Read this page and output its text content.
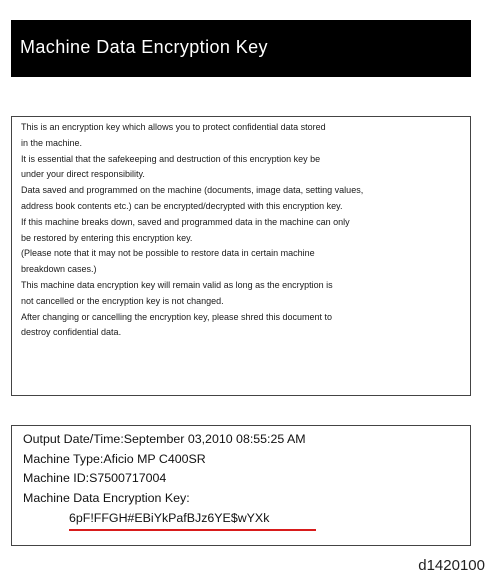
Machine Data Encryption Key
This is an encryption key which allows you to protect confidential data stored
in the machine.
It is essential that the safekeeping and destruction of this encryption key be
under your direct responsibility.
Data saved and programmed on the machine (documents, image data, setting values,
address book contents etc.) can be encrypted/decrypted with this encryption key.
If this machine breaks down, saved and programmed data in the machine can only
be restored by entering this encryption key.
(Please note that it may not be possible to restore data in certain machine
breakdown cases.)
This machine data encryption key will remain valid as long as the encryption is
not cancelled or the encryption key is not changed.
After changing or cancelling the encryption key, please shred this document to
destroy confidential data.
Output Date/Time:September 03,2010 08:55:25 AM
Machine Type:Aficio MP C400SR
Machine ID:S7500717004
Machine Data Encryption Key:
6pF!FFGH#EBiYkPafBJz6YE$wYXk
d1420100
